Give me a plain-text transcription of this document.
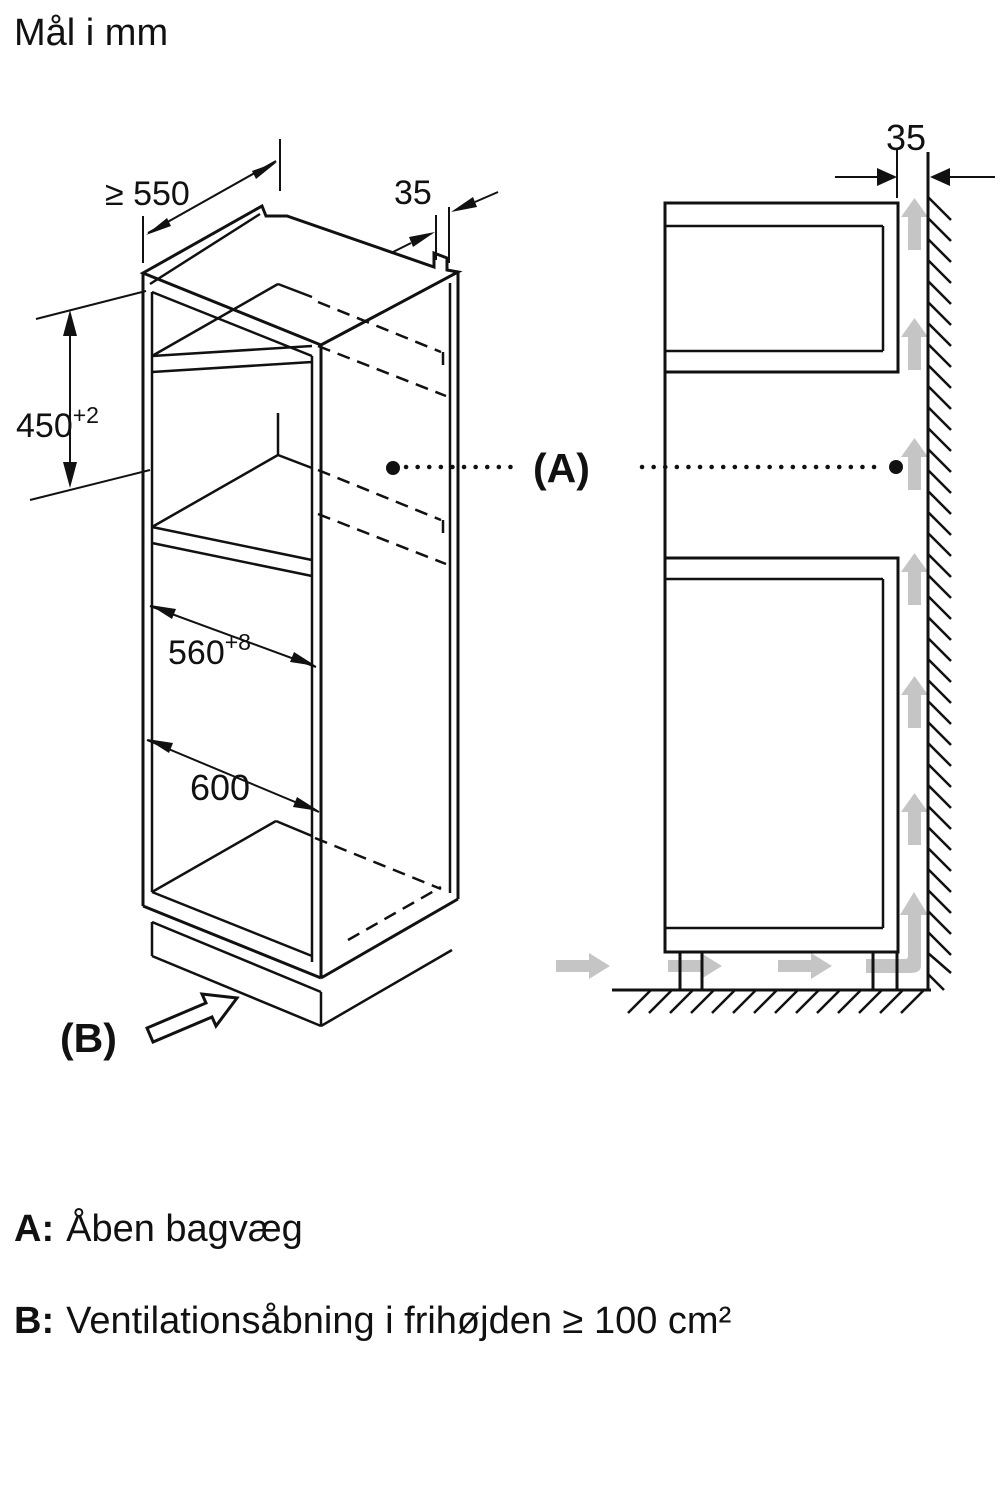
Mål i mm
≥ 550	35
$450^{+2}$
$560^{+8}$
600
(B)
(A)
35
A: Åben bagvæg
B: Ventilationsåbning i frihøjden ≥ 100 cm²
